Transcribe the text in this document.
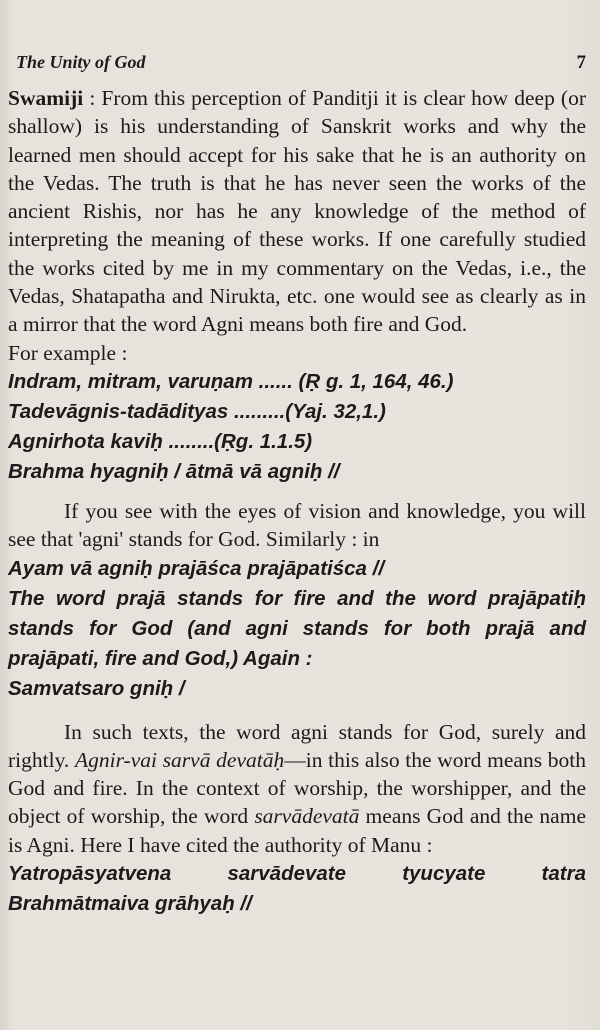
The Unity of God	7

Swamiji : From this perception of Panditji it is clear how deep (or shallow) is his understanding of Sanskrit works and why the learned men should accept for his sake that he is an authority on the Vedas. The truth is that he has never seen the works of the ancient Rishis, nor has he any knowledge of the method of interpreting the meaning of these works. If one carefully studied the works cited by me in my commentary on the Vedas, i.e., the Vedas, Shatapatha and Nirukta, etc. one would see as clearly as in a mirror that the word Agni means both fire and God.

For example :

Indram, mitram, varuṇam ...... (Ṛ g. 1, 164, 46.)

Tadevāgnis-tadādityas .........(Yaj. 32,1.)

Agnirhota kaviḥ ........(Ṛg. 1.1.5)

Brahma hyagniḥ / ātmā vā agniḥ //

If you see with the eyes of vision and knowledge, you will see that 'agni' stands for God. Similarly : in

Ayam vā agniḥ prajāśca prajāpatiśca //

The word prajā stands for fire and the word prajāpatiḥ stands for God (and agni stands for both prajā and prajāpati, fire and God,) Again :

Samvatsaro gniḥ /

In such texts, the word agni stands for God, surely and rightly. Agnir-vai sarvā devatāḥ—in this also the word means both God and fire. In the context of worship, the worshipper, and the object of worship, the word sarvādevatā means God and the name is Agni. Here I have cited the authority of Manu :

Yatropāsyatvena sarvādevate tyucyate tatra

Brahmātmaiva grāhyaḥ //
